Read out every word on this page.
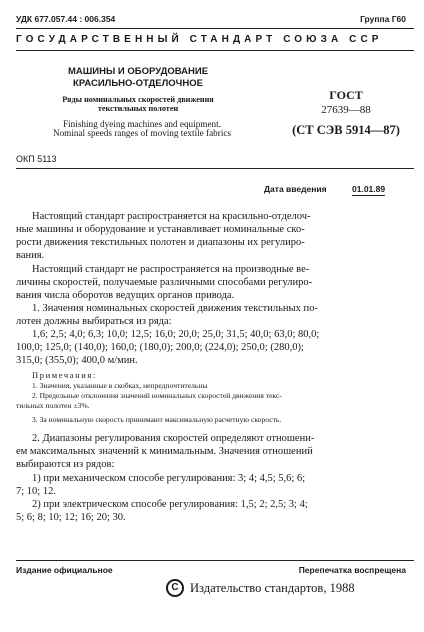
УДК 677.057.44 : 006.354	Группа Г60
ГОСУДАРСТВЕННЫЙ СТАНДАРТ СОЮЗА ССР
МАШИНЫ И ОБОРУДОВАНИЕ
КРАСИЛЬНО-ОТДЕЛОЧНОЕ
Ряды номинальных скоростей движения
текстильных полотен
Finishing dyeing machines and equipment.
Nominal speeds ranges of moving textile fabrics
ГОСТ
27639—88
(СТ СЭВ 5914—87)
ОКП 5113
Дата введения	01.01.89
Настоящий стандарт распространяется на красильно-отделоч-
ные машины и оборудование и устанавливает номинальные ско-
рости движения текстильных полотен и диапазоны их регулиро-
вания.
Настоящий стандарт не распространяется на производные ве-
личины скоростей, получаемые различными способами регулиро-
вания числа оборотов ведущих органов привода.
1. Значения номинальных скоростей движения текстильных по-
лотен должны выбираться из ряда:
1,6; 2,5; 4,0; 6,3; 10,0; 12,5; 16,0; 20,0; 25,0; 31,5; 40,0; 63,0; 80,0;
100,0; 125,0; (140,0); 160,0; (180,0); 200,0; (224,0); 250,0; (280,0);
315,0; (355,0); 400,0 м/мин.
Примечания:
1. Значения, указанные в скобках, непредпочтительны
2. Предельные отклонения значений номинальных скоростей движения текс-
тильных полотен ±3%.
3. За номинальную скорость принимают максимальную расчетную скорость.
2. Диапазоны регулирования скоростей определяют отношени-
ем максимальных значений к минимальным. Значения отношений
выбираются из рядов:
1) при механическом способе регулирования: 3; 4; 4,5; 5,6; 6;
7; 10; 12.
2) при электрическом способе регулирования: 1,5; 2; 2,5; 3; 4;
5; 6; 8; 10; 12; 16; 20; 30.
Издание официальное	Перепечатка воспрещена
C Издательство стандартов, 1988
